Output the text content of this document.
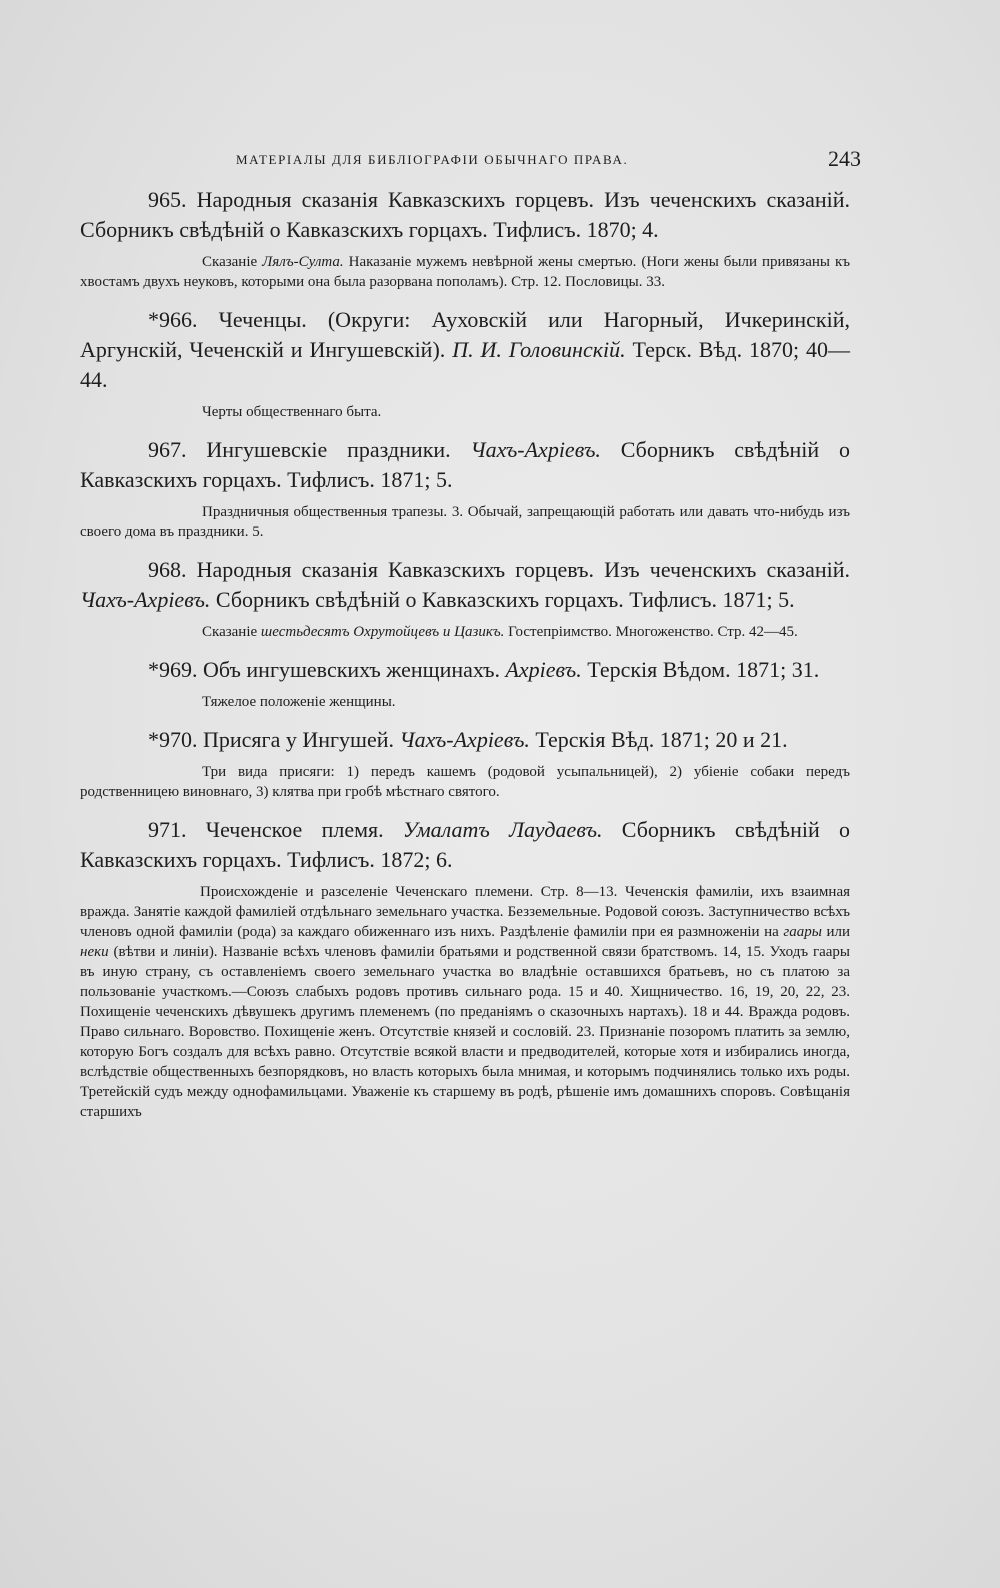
МАТЕРІАЛЫ ДЛЯ БИБЛІОГРАФІИ ОБЫЧНАГО ПРАВА.	243

965. Народныя сказанія Кавказскихъ горцевъ. Изъ чеченскихъ сказаній. Сборникъ свѣдѣній о Кавказскихъ горцахъ. Тифлисъ. 1870; 4.

Сказаніе Лялъ-Султа. Наказаніе мужемъ невѣрной жены смертью. (Ноги жены были привязаны къ хвостамъ двухъ неуковъ, которыми она была разорвана пополамъ). Стр. 12. Пословицы. 33.

*966. Чеченцы. (Округи: Ауховскій или Нагорный, Ичкеринскій, Аргунскій, Чеченскій и Ингушевскій). П. И. Головинскій. Терск. Вѣд. 1870; 40—44.

Черты общественнаго быта.

967. Ингушевскіе праздники. Чахъ-Ахріевъ. Сборникъ свѣдѣній о Кавказскихъ горцахъ. Тифлисъ. 1871; 5.

Праздничныя общественныя трапезы. 3. Обычай, запрещающій работать или давать что-нибудь изъ своего дома въ праздники. 5.

968. Народныя сказанія Кавказскихъ горцевъ. Изъ чеченскихъ сказаній. Чахъ-Ахріевъ. Сборникъ свѣдѣній о Кавказскихъ горцахъ. Тифлисъ. 1871; 5.

Сказаніе шестьдесятъ Охрутойцевъ и Цазикъ. Гостепріимство. Многоженство. Стр. 42—45.

*969. Объ ингушевскихъ женщинахъ. Ахріевъ. Терскія Вѣдом. 1871; 31.

Тяжелое положеніе женщины.

*970. Присяга у Ингушей. Чахъ-Ахріевъ. Терскія Вѣд. 1871; 20 и 21.

Три вида присяги: 1) передъ кашемъ (родовой усыпальницей), 2) убіеніе собаки передъ родственницею виновнаго, 3) клятва при гробѣ мѣстнаго святого.

971. Чеченское племя. Умалатъ Лаудаевъ. Сборникъ свѣдѣній о Кавказскихъ горцахъ. Тифлисъ. 1872; 6.

Происхожденіе и разселеніе Чеченскаго племени. Стр. 8—13. Чеченскія фамиліи, ихъ взаимная вражда. Занятіе каждой фамиліей отдѣльнаго земельнаго участка. Безземельные. Родовой союзъ. Заступничество всѣхъ членовъ одной фамиліи (рода) за каждаго обиженнаго изъ нихъ. Раздѣленіе фамиліи при ея размноженіи на гаары или неки (вѣтви и линіи). Названіе всѣхъ членовъ фамиліи братьями и родственной связи братствомъ. 14, 15. Уходъ гаары въ иную страну, съ оставленіемъ своего земельнаго участка во владѣніе оставшихся братьевъ, но съ платою за пользованіе участкомъ.—Союзъ слабыхъ родовъ противъ сильнаго рода. 15 и 40. Хищничество. 16, 19, 20, 22, 23. Похищеніе чеченскихъ дѣвушекъ другимъ племенемъ (по преданіямъ о сказочныхъ нартахъ). 18 и 44. Вражда родовъ. Право сильнаго. Воровство. Похищеніе женъ. Отсутствіе князей и сословій. 23. Признаніе позоромъ платить за землю, которую Богъ создалъ для всѣхъ равно. Отсутствіе всякой власти и предводителей, которые хотя и избирались иногда, вслѣдствіе общественныхъ безпорядковъ, но власть которыхъ была мнимая, и которымъ подчинялись только ихъ роды. Третейскій судъ между однофамильцами. Уваженіе къ старшему въ родѣ, рѣшеніе имъ домашнихъ споровъ. Совѣщанія старшихъ
